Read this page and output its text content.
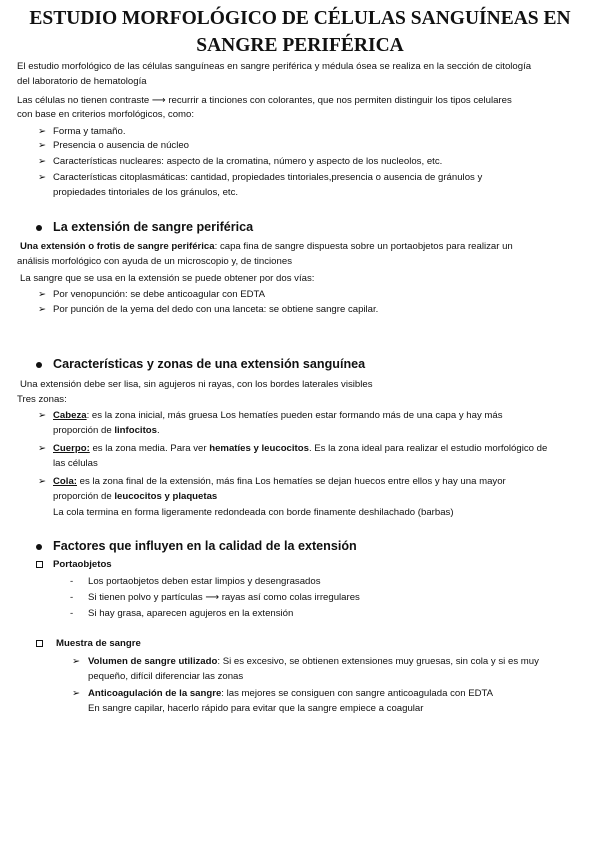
ESTUDIO MORFOLÓGICO DE CÉLULAS SANGUÍNEAS EN
SANGRE PERIFÉRICA
El estudio morfológico de las células sanguíneas en sangre periférica y médula ósea se realiza en la sección de citología
del laboratorio de hematología
Las células no tienen contraste ⟶ recurrir a tinciones con colorantes, que nos permiten distinguir los tipos celulares
con base en criterios morfológicos, como:
➢ Forma y tamaño.
➢ Presencia o ausencia de núcleo
➢ Características nucleares: aspecto de la cromatina, número y aspecto de los nucleolos, etc.
➢ Características citoplasmáticas: cantidad, propiedades tintoriales,presencia o ausencia de gránulos y
propiedades tintoriales de los gránulos, etc.
La extensión de sangre periférica
Una extensión o frotis de sangre periférica: capa fina de sangre dispuesta sobre un portaobjetos para realizar un
análisis morfológico con ayuda de un microscopio y, de tinciones
La sangre que se usa en la extensión se puede obtener por dos vías:
➢ Por venopunción: se debe anticoagular con EDTA
➢ Por punción de la yema del dedo con una lanceta: se obtiene sangre capilar.
Características y zonas de una extensión sanguínea
Una extensión debe ser lisa, sin agujeros ni rayas, con los bordes laterales visibles
Tres zonas:
➢ Cabeza: es la zona inicial, más gruesa Los hematíes pueden estar formando más de una capa y hay más
proporción de linfocitos.
➢ Cuerpo: es la zona media. Para ver hematíes y leucocitos. Es la zona ideal para realizar el estudio morfológico de
las células
➢ Cola: es la zona final de la extensión, más fina Los hematíes se dejan huecos entre ellos y hay una mayor
proporción de leucocitos y plaquetas
La cola termina en forma ligeramente redondeada con borde finamente deshilachado (barbas)
Factores que influyen en la calidad de la extensión
Portaobjetos
- Los portaobjetos deben estar limpios y desengrasados
- Si tienen polvo y partículas ⟶ rayas así como colas irregulares
- Si hay grasa, aparecen agujeros en la extensión
Muestra de sangre
➢ Volumen de sangre utilizado: Si es excesivo, se obtienen extensiones muy gruesas, sin cola y si es muy
pequeño, difícil diferenciar las zonas
➢ Anticoagulación de la sangre: las mejores se consiguen con sangre anticoagulada con EDTA
En sangre capilar, hacerlo rápido para evitar que la sangre empiece a coagular
